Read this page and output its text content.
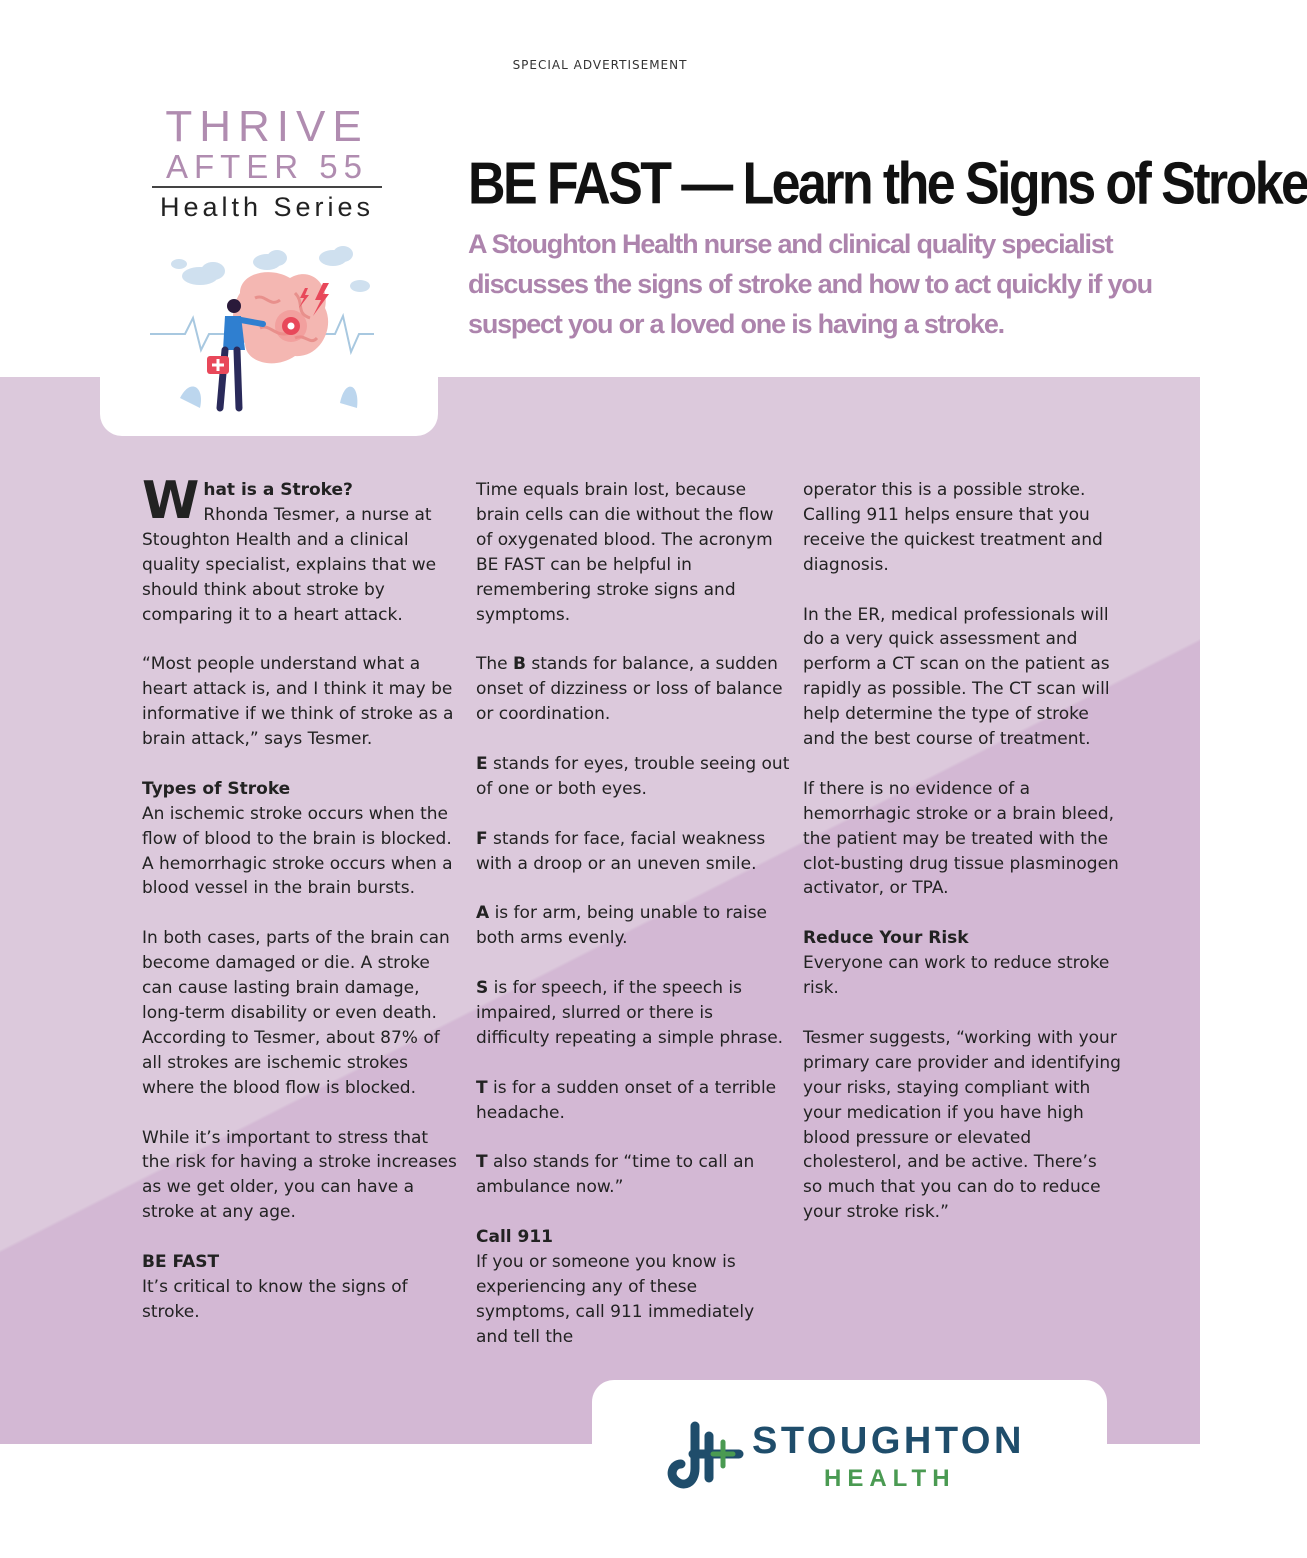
SPECIAL ADVERTISEMENT
THRIVE
AFTER 55
Health Series BE FAST — Learn the Signs of Stroke

A Stoughton Health nurse and clinical quality specialist discusses the signs of stroke and how to act quickly if you suspect you or a loved one is having a stroke.

What is a Stroke?
Rhonda Tesmer, a nurse at Stoughton Health and a clinical quality specialist, explains that we should think about stroke by comparing it to a heart attack.

“Most people understand what a heart attack is, and I think it may be informative if we think of stroke as a brain attack,” says Tesmer.

Types of Stroke

An ischemic stroke occurs when the flow of blood to the brain is blocked. A hemorrhagic stroke occurs when a blood vessel in the brain bursts.

In both cases, parts of the brain can become damaged or die. A stroke can cause lasting brain damage, long-term disability or even death. According to Tesmer, about 87% of all strokes are ischemic strokes where the blood flow is blocked.

While it’s important to stress that the risk for having a stroke increases as we get older, you can have a stroke at any age.

BE FAST

It’s critical to know the signs of stroke.

Time equals brain lost, because brain cells can die without the flow of oxygenated blood. The acronym BE FAST can be helpful in remembering stroke signs and symptoms.

The B stands for balance, a sudden onset of dizziness or loss of balance or coordination.

E stands for eyes, trouble seeing out of one or both eyes.

F stands for face, facial weakness with a droop or an uneven smile.

A is for arm, being unable to raise both arms evenly.

S is for speech, if the speech is impaired, slurred or there is difficulty repeating a simple phrase.

T is for a sudden onset of a terrible headache.

T also stands for “time to call an ambulance now.”

Call 911

If you or someone you know is experiencing any of these symptoms, call 911 immediately and tell the

operator this is a possible stroke. Calling 911 helps ensure that you receive the quickest treatment and diagnosis.

In the ER, medical professionals will do a very quick assessment and perform a CT scan on the patient as rapidly as possible. The CT scan will help determine the type of stroke and the best course of treatment.

If there is no evidence of a hemorrhagic stroke or a brain bleed, the patient may be treated with the clot-busting drug tissue plasminogen activator, or TPA.

Reduce Your Risk

Everyone can work to reduce stroke risk.

Tesmer suggests, “working with your primary care provider and identifying your risks, staying compliant with your medication if you have high blood pressure or elevated cholesterol, and be active. There’s so much that you can do to reduce your stroke risk.”

STOUGHTON
HEALTH
